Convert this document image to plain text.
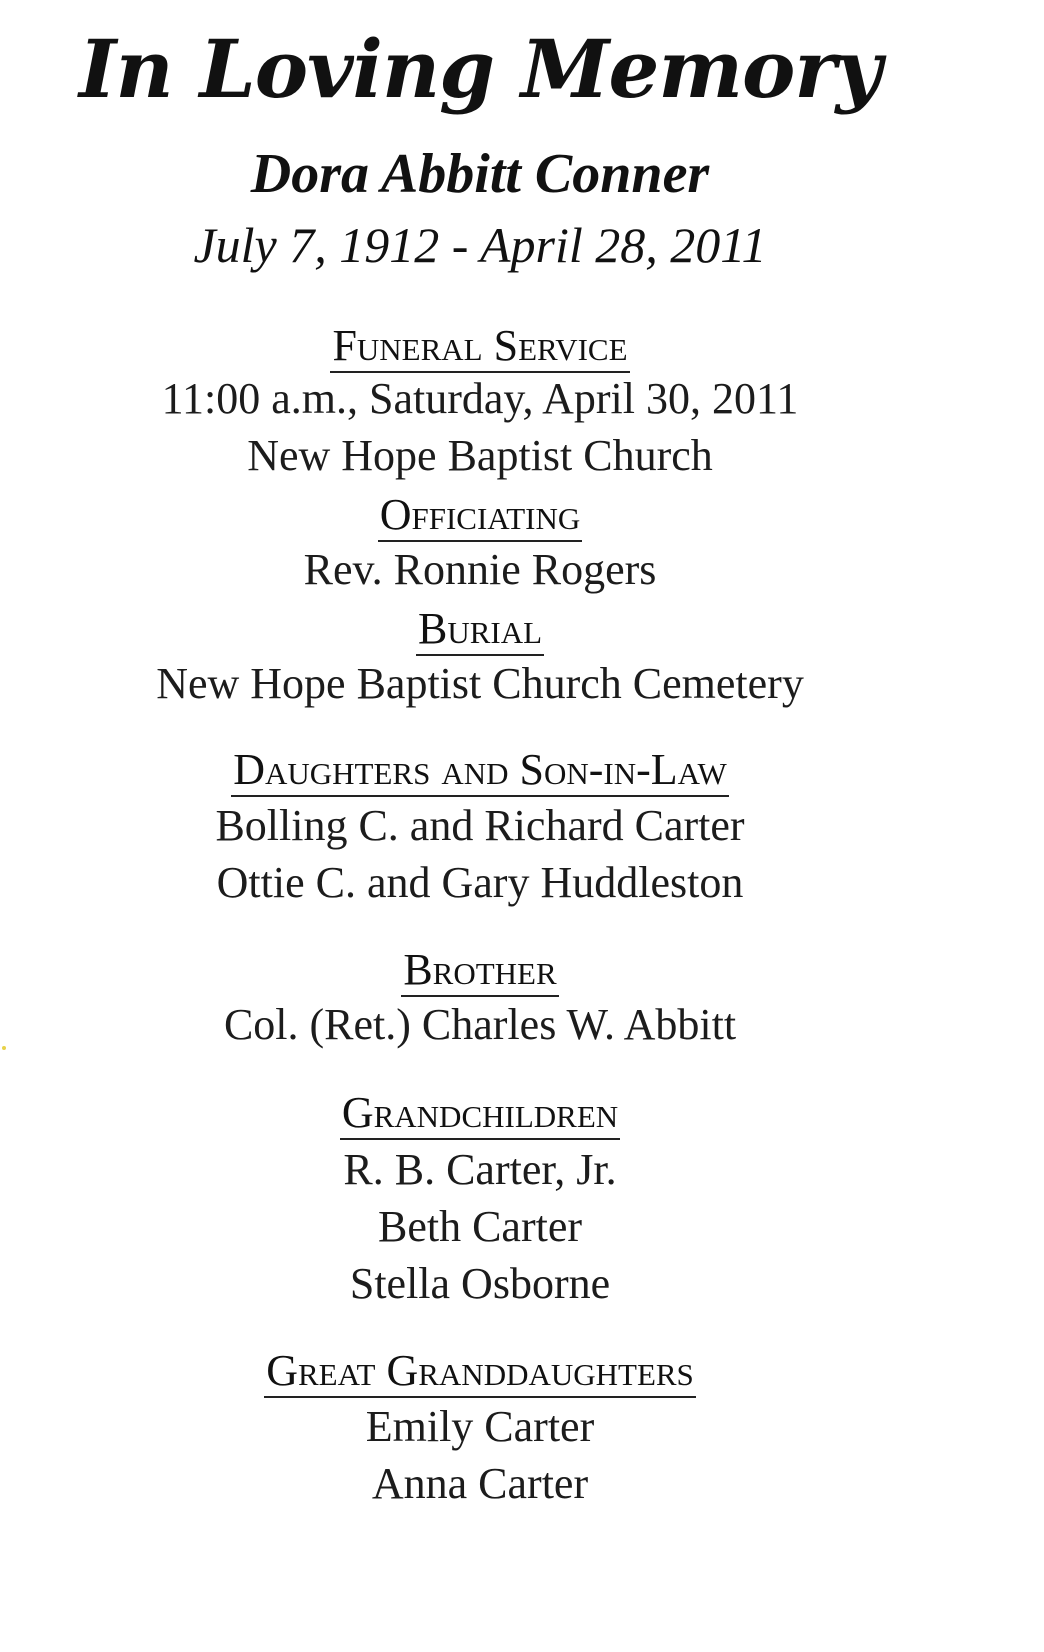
In Loving Memory
Dora Abbitt Conner
July 7, 1912 - April 28, 2011
Funeral Service
11:00 a.m., Saturday, April 30, 2011
New Hope Baptist Church
Officiating
Rev. Ronnie Rogers
Burial
New Hope Baptist Church Cemetery
Daughters and Son-in-Law
Bolling C. and Richard Carter
Ottie C. and Gary Huddleston
Brother
Col. (Ret.) Charles W. Abbitt
Grandchildren
R. B. Carter, Jr.
Beth Carter
Stella Osborne
Great Granddaughters
Emily Carter
Anna Carter
